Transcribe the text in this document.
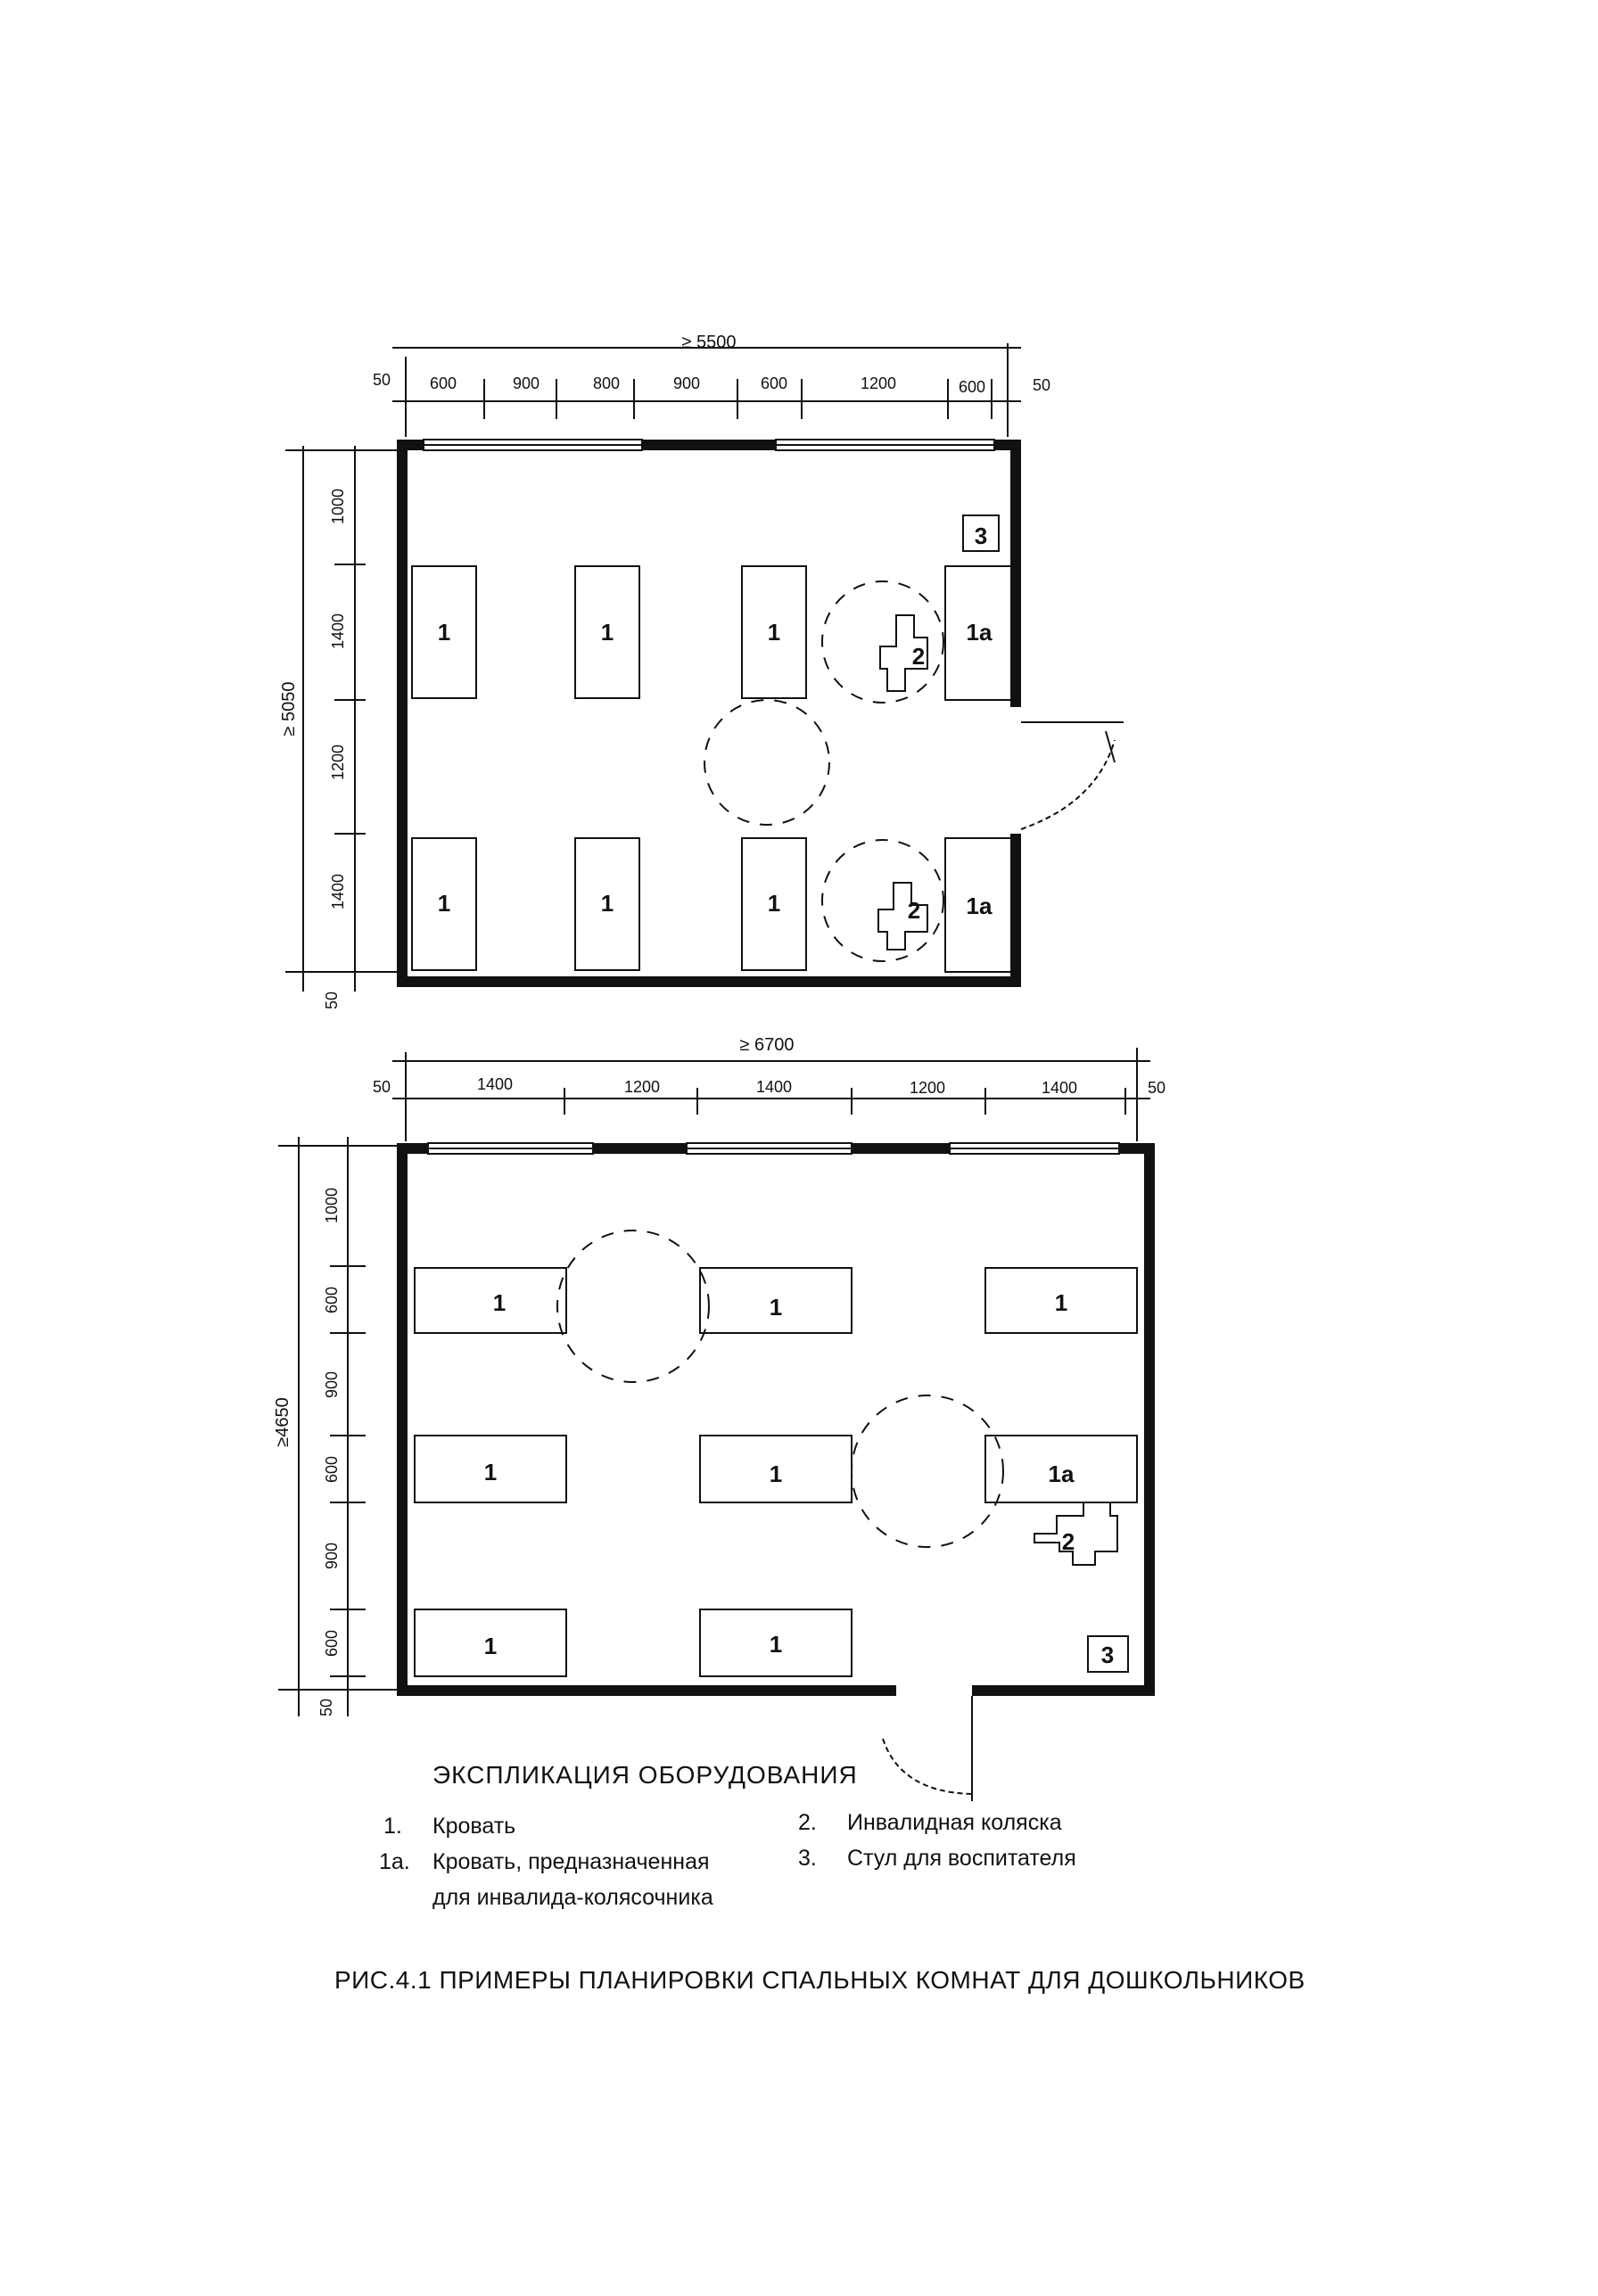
≥ 5500
50	50
600	900	800	900	600	1200	600
≥ 5050
1000
1400
1200
1400
50
1	1	1
1	1	1
1a
1a
3
2
2
≥ 6700
50	50
1400	1200	1400	1200	1400
≥4650
1000
600
900
600
900
600
50
1	1	1
1	1	1a
1	1	3
2
ЭКСПЛИКАЦИЯ ОБОРУДОВАНИЯ
1. Кровать
1а. Кровать, предназначенная
для инвалида-колясочника
2. Инвалидная коляска
3. Стул для воспитателя
РИС.4.1 ПРИМЕРЫ ПЛАНИРОВКИ СПАЛЬНЫХ КОМНАТ ДЛЯ ДОШКОЛЬНИКОВ
